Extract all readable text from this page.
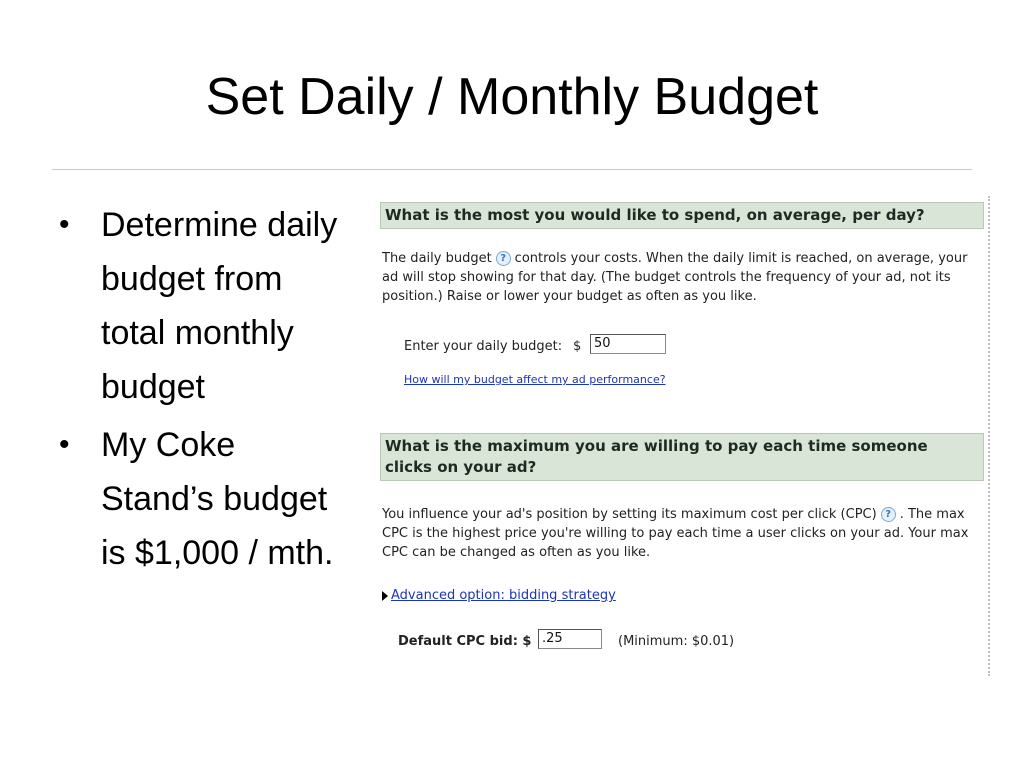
Set Daily / Monthly Budget
• Determine daily budget from total monthly budget
• My Coke Stand’s budget is $1,000 / mth.
What is the most you would like to spend, on average, per day?
The daily budget ? controls your costs. When the daily limit is reached, on average, your ad will stop showing for that day. (The budget controls the frequency of your ad, not its position.) Raise or lower your budget as often as you like.
Enter your daily budget: $ 50
How will my budget affect my ad performance?
What is the maximum you are willing to pay each time someone clicks on your ad?
You influence your ad's position by setting its maximum cost per click (CPC) ? . The max CPC is the highest price you're willing to pay each time a user clicks on your ad. Your max CPC can be changed as often as you like.
Advanced option: bidding strategy
Default CPC bid: $ .25	(Minimum: $0.01)
